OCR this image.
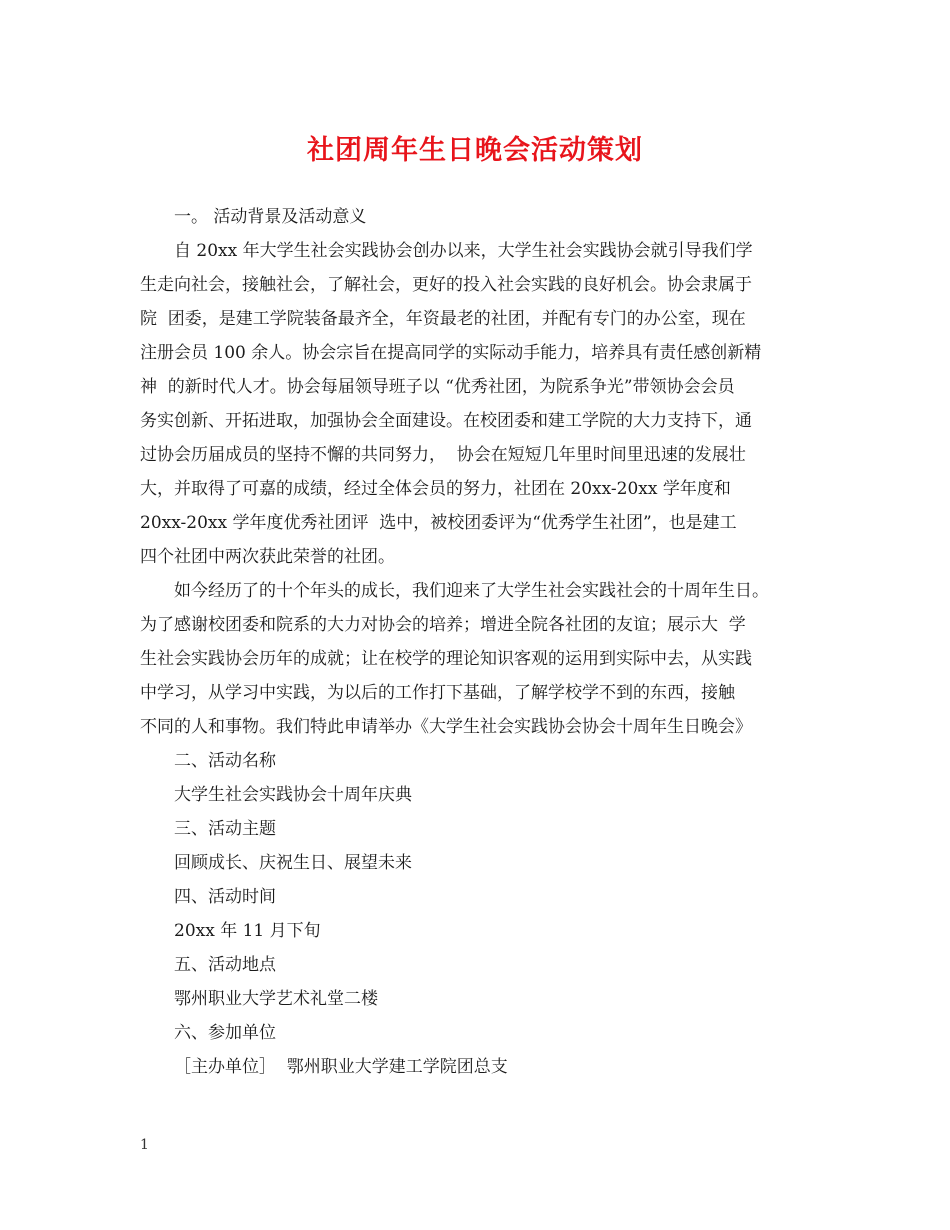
社团周年生日晚会活动策划
一。 活动背景及活动意义
自 20xx 年大学生社会实践协会创办以来，大学生社会实践协会就引导我们学
生走向社会，接触社会，了解社会，更好的投入社会实践的良好机会。协会隶属于
院  团委，是建工学院装备最齐全，年资最老的社团，并配有专门的办公室，现在
注册会员 100 余人。协会宗旨在提高同学的实际动手能力，培养具有责任感创新精
神  的新时代人才。协会每届领导班子以 “优秀社团，为院系争光”带领协会会员
务实创新、开拓进取，加强协会全面建设。在校团委和建工学院的大力支持下，通
过协会历届成员的坚持不懈的共同努力，  协会在短短几年里时间里迅速的发展壮
大，并取得了可嘉的成绩，经过全体会员的努力，社团在 20xx-20xx 学年度和
20xx-20xx 学年度优秀社团评  选中，被校团委评为“优秀学生社团”，也是建工
四个社团中两次获此荣誉的社团。
如今经历了的十个年头的成长，我们迎来了大学生社会实践社会的十周年生日。
为了感谢校团委和院系的大力对协会的培养；增进全院各社团的友谊；展示大  学
生社会实践协会历年的成就；让在校学的理论知识客观的运用到实际中去，从实践
中学习，从学习中实践，为以后的工作打下基础，了解学校学不到的东西，接触
不同的人和事物。我们特此申请举办《大学生社会实践协会协会十周年生日晚会》
二、活动名称
大学生社会实践协会十周年庆典
三、活动主题
回顾成长、庆祝生日、展望未来
四、活动时间
20xx 年 11 月下旬
五、活动地点
鄂州职业大学艺术礼堂二楼
六、参加单位
［主办单位］  鄂州职业大学建工学院团总支
1
